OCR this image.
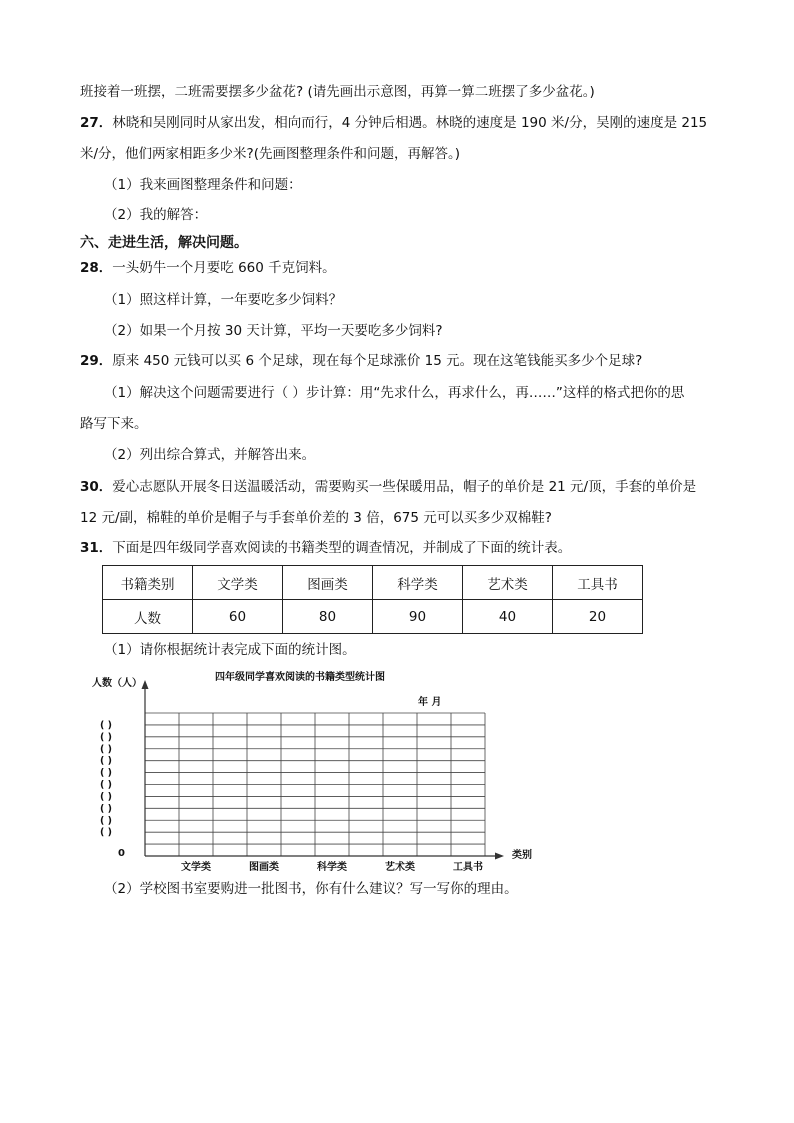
班接着一班摆，二班需要摆多少盆花? (请先画出示意图，再算一算二班摆了多少盆花。)
27．林晓和吴刚同时从家出发，相向而行，4 分钟后相遇。林晓的速度是 190 米/分，吴刚的速度是 215
米/分，他们两家相距多少米?(先画图整理条件和问题，再解答。)
（1）我来画图整理条件和问题：
（2）我的解答：
六、走进生活，解决问题。
28．一头奶牛一个月要吃 660 千克饲料。
（1）照这样计算，一年要吃多少饲料？
（2）如果一个月按 30 天计算，平均一天要吃多少饲料?
29．原来 450 元钱可以买 6 个足球，现在每个足球涨价 15 元。现在这笔钱能买多少个足球?
（1）解决这个问题需要进行（ ）步计算：用“先求什么，再求什么，再……”这样的格式把你的思
路写下来。
（2）列出综合算式，并解答出来。
30．爱心志愿队开展冬日送温暖活动，需要购买一些保暖用品，帽子的单价是 21 元/顶，手套的单价是
12 元/副，棉鞋的单价是帽子与手套单价差的 3 倍，675 元可以买多少双棉鞋?
31．下面是四年级同学喜欢阅读的书籍类型的调查情况，并制成了下面的统计表。
书籍类别	文学类	图画类	科学类	艺术类	工具书
人数	60	80	90	40	20
（1）请你根据统计表完成下面的统计图。
四年级同学喜欢阅读的书籍类型统计图
人数（人）
年 月
( )
( )
( )
( )
( )
( )
( )
( )
( )
( )
文学类	图画类	科学类	艺术类	工具书
0	类别
（2）学校图书室要购进一批图书，你有什么建议？写一写你的理由。
